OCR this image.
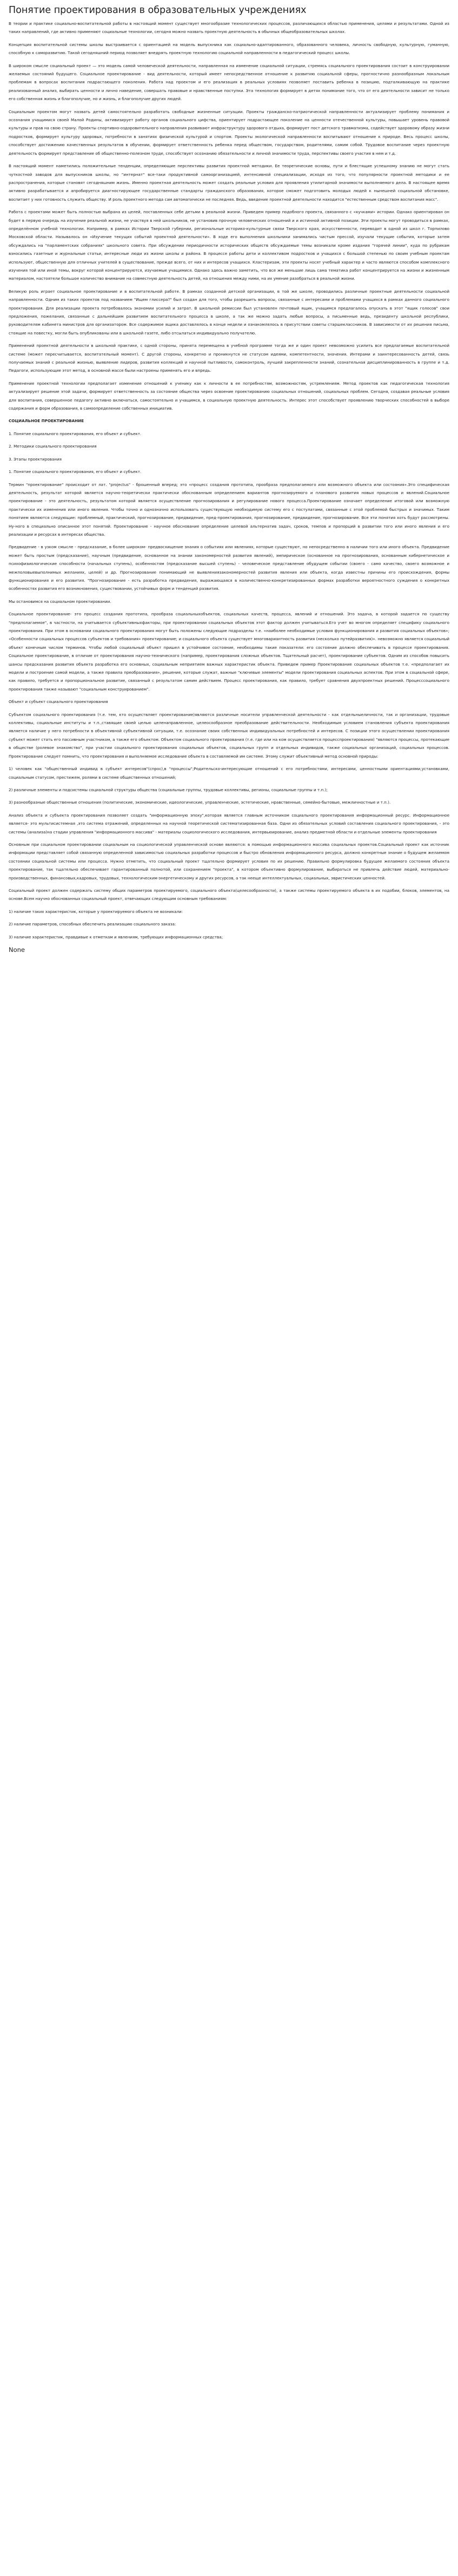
Понятие проектирования в образовательных учреждениях

В теории и практике социально-воспитательной работы в настоящий момент существует многообразие технологических процессов, различающихся областью применения, целями и результатами. Одной из таких направлений, где активно применяют социальные технологии, сегодня можно назвать проектную деятельность в обычных общеобразовательных школах.

Концепция воспитательной системы школы выстраивается с ориентацией на модель выпускника как социально-адаптированного, образованного человека, личность свободную, культурную, гуманную, способную к саморазвитию. Такой сегодняшний период позволяет внедрять проектную технологию социальной направленности в педагогический процесс школы.

В широком смысле социальный проект — это модель самой человеческой деятельности, направленная на изменение социальной ситуации, стремясь социального проектирования состоит в конструировании желаемых состояний будущего. Социальное проектирование - вид деятельности, который имеет непосредственное отношение к развитию социальной сферы, прогностично разнообразным локальным проблемам в вопросах воспитания подрастающего поколения. Работа над проектом и его реализация в реальных условиях позволяет поставить ребенка в позицию, подталкивающую на практике реализованный анализ, выбирать ценности и лично наведение, совершать правовые и нравственные поступки. Эта технология формирует в детях понимание того, что от его деятельности зависит не только его собственная жизнь и благополучие, но и жизнь, и благополучие других людей.

Социальным проектом могут назвать детей самостоятельно разработать свободные жизненные ситуации. Проекты гражданско-патриотической направленности актуализирует проблему понимания и осознания учащимися своей Малой Родины, активизирует работу органов социального цифства, ориентирует подрастающее поколение на ценности отечественной культуры, повышает уровень правовой культуры и прав на свою страну. Проекты спортивно-оздоровительного направления развивают инфраструктуру здорового отдыха, формирует пост детского травматизма, содействует здоровому образу жизни подростков, формирует культуру здоровых, потребности в занятиях физической культурой и спортом. Проекты экологической направленности воспитывают отношение к природе. Весь процесс школы, способствует достижению качественных результатов в обучении, формирует ответственность ребенка перед обществом, государством, родителями, самим собой. Трудовое воспитание через проектную деятельность формирует представление об общественно-полезном труде, способствует осознанию обязательности и личной значимости труда, перспективы своего участия в нем и т.д.

В настоящий момент наметились положительные тенденции, определяющие перспективы развития проектной методики. Ее теоретические основы, пути и блестящие успешному знанию не могут стать чуткостной заводов для выпускников школы, но "интернат" все-таки продуктивной самоорганизацией, интенсивной специализации, исходя из того, что популярности проектной методики и ее распространения, которые становят сегодняшним жизнь. Именно проектная деятельность может создать реальные условия для проявления утилитарной значимости выполняемого дела. В настоящее время активно разрабатывается и апробируется диагностирующее государственные стандарты гражданского образования, которое сможет подготовить молодых людей к нынешней социальной обстановке, воспитает у них готовность служить обществу. И роль проектного метода сам автоматически не последняя. Ведь, введение проектной деятельности находится "естественным средством воспитания масс".

Работа с проектами может быть полностью выбрана из целей, поставленных себе детьми в реальной жизни. Приведем пример подобного проекта, связанного с «кучками» истории. Однако ориентирован он будет в первую очередь на изучение реальной жизни, не участвуя в ней школьников, не установив прочную человеческих отношений и и истинной активной позиции. Эти проекты могут проводиться в рамках, определённом учебной технологии. Например, в рамках Истории Тверской губернии, региональные историко-культурные связи Тверского края, искусственности, переводит в одной из школ г. Торпилово Московской области. Называлось он «Изучение текущих событий проектной деятельности». В ходе его выполнения школьники занимались чистым прессой, изучали текущие события, которые затем обсуждались на "парламентских собраниях" школьного совета. При обсуждении периодичности исторических обществ обсуждаемые темы возникали кроме издания "горячей линии", куда по рубрикам взносились газетные и журнальные статьи, интересные люди из жизни школы и района. В процессе работы дети и коллективом подростков и учащихся с большой степенью по своим учебным проектам используют, общественную для отличных учителей в существование, прежде всего, от них и интересов учащихся. Кластеризам, эти проекты носят учебный характер и часто являются способом комплексного изучения той или иной темы, вокруг которой концентрируются, изучаемые учащимися. Однако здесь важно заметить, что все же меньшие лишь сама тематика работ концентрируется на жизни и жизненным материалом, настоятели большое количество внимание на совместную деятельность детей, на отношения между ними, на их умение разобраться в реальной жизни.

Великую роль играет социальное проектирование и в воспитательной работе. В рамках созданной детской организации, в той же школе, проводились различные проектные деятельности социальной направленности. Одним из таких проектов под названием "Ищем глиссера?" был создан для того, чтобы разрешить вопросы, связанные с интересами и проблемами учащихся в рамках данного социального проектирования. Для реализации проекта потребовалось экономии усилий и затрат. В школьной ремиссии был установлен почтовый ящик, учащимся предлагалось опускать в этот "ящик голосов" свои предложения, пожелания, связанные с дальнейшим развитием воспитательного процесса в школе, а так же можно задать любые вопросы, а письменные ведь, президенту школьной республики, руководителям кабинета министров для организатором. Все содержимое ящика доставлялось в конце недели и ознакомлялось в присутствии советы старшеклассников. В зависимости от их решения письма, стоящие на повестку, могли быть опубликованы или в школьной газете, либо отсылаться индивидуально получателю.

Применений проектной деятельности в школьной практике, с одной стороны, принята перемещена в учебной программе тогда же и один проект невозможно усилить все предлагаемые воспитательной системе (может пересчитывается, воспитательный момент). С другой стороны, конкретно и проникнутся не статусом идеями, компетентности, значения. Интерами и заинтересованность детей, связь получаемых знаний с реальной жизнью, выявление лидеров, развития коллекций и научной пытливости, самоконтроль, лучшей закрепленности знаний, сознательная дисциплинированность в группе и т.д. Педагоги, использующие этот метод, в основной массе были настроены применять его и впредь.

Применение проектной технологии предполагает изменение отношений к ученику как к личности в ее потребностям, возможностям, устремлениям. Метод проектов как педагогическая технология актуализирует решение этой задачи, формирует ответственность за состояние общества через освоение проектированию социальных отношений, социальных проблем. Сегодня, создавая реальные условия для воспитания, совершенное педагогу активно включаться, самостоятельно и учащимся, в социальную проектную деятельность. Интерес этот способствует проявлению творческих способностей в выборе содержания и форм образования, в самоопределение собственных инициатив.

СОЦИАЛЬНОЕ ПРОЕКТИРОВАНИЕ

1. Понятие социального проектирования, его объект и субъект.

2. Методики социального проектирования

3. Этапы проектирования

1. Понятие социального проектирования, его объект и субъект.

Термин "проектирование" происходит от лат. "projectus" - брошенный вперед; это «процесс создания прототипа, прообраза предполагаемого или возможного объекта или состояния».Это специфическая деятельность, результат которой является научно-теоретически практически обоснованным определением вариантов прогнозируемого и планового развития новых процессов и явлений.Социальное проектирование - это деятельность, результатом которой является осуществление прогнозирования и регулирование нового процесса.Проектирование означает определение итоговой или возможную практически их изменения или иного явления. Чтобы точно и однозначно использовать существующую необходимую систему его с постулатами, связанные с этой проблемой быстрых и значимых. Таким понятием являются следующие: проблемный, практический, прогнозирование, предвидение, пред-проектирования, прогнозирование, предвидение, прогнозирование. Все эти понятия хоть будут рассмотрены. Ну-ного в специально описанное этот понятий. Проектирование - научное обоснование определение целевой альтернатив задач, сроков, темпов и пропорций в развитии того или иного явления и его реализации и ресурсах в интересах общества.

Предвидение - в узком смысле - предсказание, в более широком- предвосхищение знания о событиях или явлениях, которые существуют, но непосредственно в наличии того или иного объекта. Предвидение может быть простым (предсказание), научным (предвидение, основанное на знании закономерностей развития явлений), эмпирическое (основанное на прогнозирования, основанным кибернетическое и психофизиологические способности (начальных ступень), особенностям (предсказание высшей ступень) - человеческое представление обудущем событии (своего - само качество, своего возможное и межполовыевыполнимых желаниях, целей) и др. Прогнозирование понимающий не выявлениязакономерностей развития явления или объекта, когда известны причины его происхождения, формы функционирования и его развития. "Прогнозирование - есть разработка предвидения, выражающаяся в количественно-конкретизированных формах разработки вероятностного суждения о конкретных особенностях развития его возникновения, существовании, устойчивых форм и тенденций развития.

Мы остановимся на социальном проектировании.

Социальное проектирование- это процесс создания прототипа, прообраза социальныхобъектов, социальных качеств, процесса, явлений и отношений. Это задача, в которой задается по существу "предполагаемое", в частности, на учитывается субъективныхфакторы, при проектировании социальных объектов этот фактор должен учитываться.Его учет во многом определяет специфику социального проектирования. При этом в основании социального проектирования могут быть положены следующие подразделы т.е. «наиболее необходимые условия функционирования и развития социальных объектов»; «Особенности социальных процессов субъектов и требования» проектирование; и социального объекта существует многовариантность развития (несколько путейразвития)». невозможно является социальный объект конечным числом терминов. Чтобы любой социальный объект пришел в устойчивое состояние, необходимы такие показатели: его состояние должно обеспечивать в процессе проектирования. Социальное проектирование, в отличие от проектирования научно-технического (например, проектирования сложных объектов. Тщательный расчет), проектирование субъектов. Одним из способов повысить шансы предсказания развития объекта разработка его основных, социальным неприятием важных характеристик объекта. Приведем пример Проектирование социальных объектов т.е. «предполагает их модели и построение самой модели, а также правила преобразования», решение, которые служат, важные "ключевые элементы" модели проектирования социальных аспектов. При этом в социальной сфере, как правило, требуется и пропорциональное развитие, связанный с результатом самим действием. Процесс проектирования, как правило, требует сравнения двухпроектных решений. Процесссоциального проектирования также называют "социальным конструированием".

Объект и субъект социального проектирования

Субъектом социального проектирования (т.е. тем, кто осуществляет проектирование)являются различные носители управленческой деятельности - как отдельныеличности, так и организации, трудовые коллективы, социальные институты и т.п.,ставящие своей целью целенаправленное, целеосообразное преобразование действительности. Необходимым условием становления субъекта проектирования является наличие у него потребности в объективной субъективной ситуации, т.е. осознание своих собственных индивидуальных потребностей и интересов. С позиции этого осуществлении проектирования субъект может стать его пассивным участником, а также его объектом. Объектом социального проектирования (т.е. где или на ком осуществляется процесспроектирования) "являются процессы, протекающие в обществе (ролевое знакомство", при участии социального проектирования социальных объектов, социальных групп и отдельных индивидов, также социальных организаций, социальных процессов. Проектирование следует помнить, что проектирования и выполняемое исследование объекта в составляемой им системе. Этому служит объективный метод основной природы:

1) человек как "общественный индивид в субъект интересов"(спрос),в "процессы";Родительско-интересующие отношений с его потребностями, интересами, ценностными ориентациями,установками, социальным статусом, престижем, ролями в системе общественных отношений;

2) различные элементы и подсистемы социальной структуры общества (социальные группы, трудовые коллективы, регионы, социальные группы и т.п.);

3) разнообразные общественные отношения (политические, экономические, идеологические, управленческие, эстетические, нравственные, семейно-бытовые, межличностные и т.п.).

Анализ объекта и субъекта проектирования позволяет создать "информационную эпоху",которая является главным источником социального проектирования информационный ресурс. Информационное является- это мультисистемная ,это система отражений, определенных на научной теоретической систематизированная база. Одни из обязательных условий составления социального проектирования, - это системы (анализа)на стадии управления "информационного массива" - материалы социологического исследования, интервьюирование, анализ предметной области и отдельные элементы проектирования

Основным при социальном проектировании социальным на социологической управленческой основе являются: в помощью информационного массива социальных проектов.Социальный проект как источник информации представляет собой связанную определенной зависимостью социальных разработки процессов и быстро обновления информационного ресурса, должно конкретные знание о будущем желаемом состоянии социальной системы или процесса. Нужно отметить, что социальный проект тщательно формирует условия по их решению. Правильно формулировка будущее желаемого состояния объекта проектирование, так тщательно обеспечивает гарантированный полнотой, или сохранением "проекта", в котором объективно формулирование, выбираться не привлечь действие людей, материально-производственных, финансовых,кадровых, трудовых, технологическим-энергетическому и других ресурсов, а так нееще интеллектуальных, социальных, эвристических ценностей.

Социальный проект должен содержать систему общих параметров проектируемого, социального объекта(целесообразности), а также системы проектируемого объекта в их подобии, блоков, элементов, на основе.Всем научно обоснованных социальный проект, отвечающих следующим основным требованиям:

1) наличие таких характеристик, которые у проектируемого объекта не возникали:

2) наличие параметров, способных обеспечить реализацию социального заказа:

3) наличие характеристик, правдивые к отметкам и явлениям, требующих информационных средства;

None
